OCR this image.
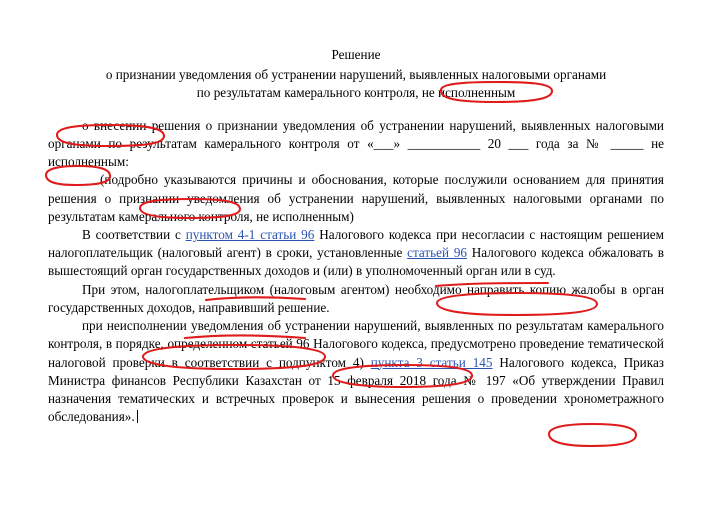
Решение
о признании уведомления об устранении нарушений, выявленных налоговыми органами
по результатам камерального контроля, не исполненным

о внесении решения о признании уведомления об устранении нарушений, выявленных налоговыми органами по результатам камерального контроля от «___» ___________ 20 ___ года за № _____ не исполненным:

(подробно указываются причины и обоснования, которые послужили основанием для принятия решения о признании уведомления об устранении нарушений, выявленных налоговыми органами по результатам камерального контроля, не исполненным)

В соответствии с пунктом 4-1 статьи 96 Налогового кодекса при несогласии с настоящим решением налогоплательщик (налоговый агент) в сроки, установленные статьей 96 Налогового кодекса обжаловать в вышестоящий орган государственных доходов и (или) в уполномоченный орган или в суд.

При этом, налогоплательщиком (налоговым агентом) необходимо направить копию жалобы в орган государственных доходов, направивший решение.

при неисполнении уведомления об устранении нарушений, выявленных по результатам камерального контроля, в порядке, определенном статьей 96 Налогового кодекса, предусмотрено проведение тематической налоговой проверки в соответствии с подпунктом 4) пункта 3 статьи 145 Налогового кодекса, Приказ Министра финансов Республики Казахстан от 15 февраля 2018 года № 197 «Об утверждении Правил назначения тематических и встречных проверок и вынесения решения о проведении хронометражного обследования».
